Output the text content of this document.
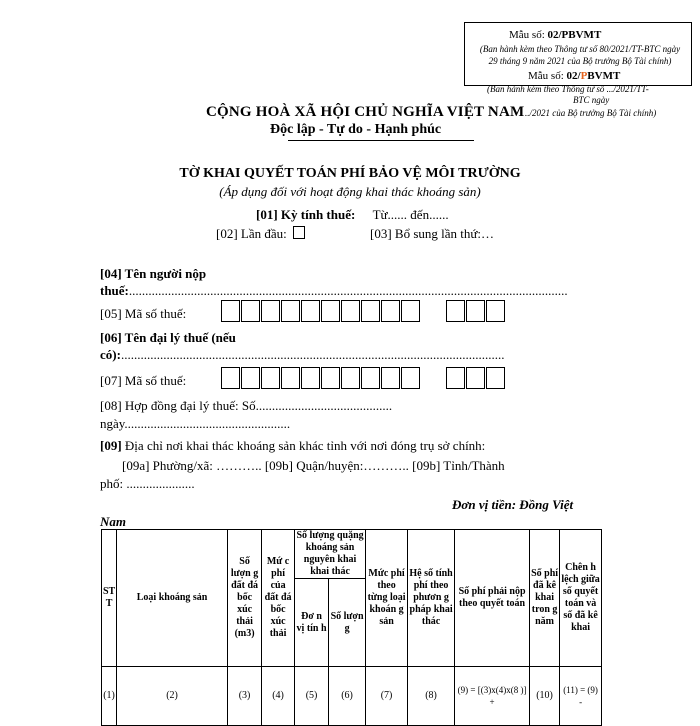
Mẫu số: 02/PBVMT
(Ban hành kèm theo Thông tư số 80/2021/TT-BTC ngày 29 tháng 9 năm 2021 của Bộ trưởng Bộ Tài chính)
Mẫu số: 02/PBVMT
(Ban hành kèm theo Thông tư số .../2021/TT-
BTC ngày
../2021 của Bộ trưởng Bộ Tài chính)
CỘNG HOÀ XÃ HỘI CHỦ NGHĨA VIỆT NAM
Độc lập - Tự do - Hạnh phúc
TỜ KHAI QUYẾT TOÁN PHÍ BẢO VỆ MÔI TRƯỜNG
(Áp dụng đối với hoạt động khai thác khoáng sản)
[01] Kỳ tính thuế: Từ...... đến......
[02] Lần đầu:	[03] Bổ sung lần thứ:…
[04] Tên người nộp
thuế:.......................................................................................................................................
[05] Mã số thuế:
[06] Tên đại lý thuế (nếu
có):......................................................................................................................
[07] Mã số thuế:
[08] Hợp đồng đại lý thuế: Số..........................................
ngày...................................................
[09] Địa chỉ nơi khai thác khoáng sản khác tỉnh với nơi đóng trụ sở chính:
[09a] Phường/xã: ……….. [09b] Quận/huyện:……….. [09b] Tỉnh/Thành
phố: .....................
Đơn vị tiền: Đồng Việt
Nam
ST T	Loại khoáng sản	Số lượn g đất đá bốc xúc thải (m3)	Mứ c phí của đất đá bốc xúc thải	Số lượng quặng khoáng sản nguyên khai khai thác		Mức phí theo từng loại khoán g sản	Hệ số tính phí theo phươn g pháp khai thác	Số phí phải nộp theo quyết toán	Số phí đã kê khai tron g năm	Chên h lệch giữa số quyết toán và số đã kê khai
				Đơ n vị tín h	Số lượn g					
(1)	(2)	(3)	(4)	(5)	(6)	(7)	(8)	(9) = [(3)x(4)x(8 )] +	(10)	(11) = (9) -
